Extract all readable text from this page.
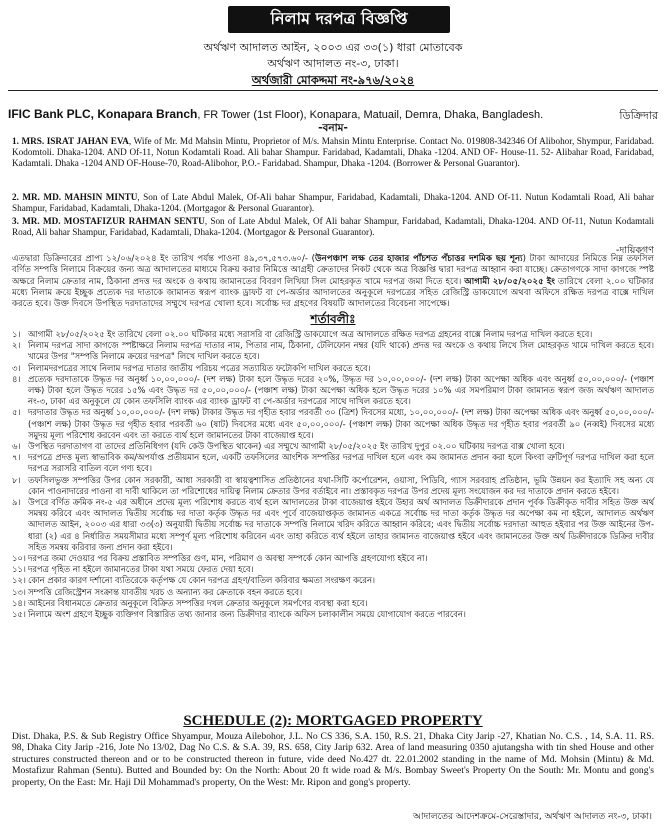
নিলাম দরপত্র বিজ্ঞপ্তি
অর্থঋণ আদালত আইন, ২০০৩ এর ৩৩(১) ধারা মোতাবেক
অর্থঋণ আদালত নং-৩, ঢাকা।
অর্থজারী মোকদ্দমা নং-৯৭৬/২০২৪
IFIC Bank PLC, Konapara Branch, FR Tower (1st Floor), Konapara, Matuail, Demra, Dhaka, Bangladesh.	ডিক্রিদার
-বনাম-
1. MRS. ISRAT JAHAN EVA, Wife of Mr. Md Mahsin Mintu, Proprietor of M/s. Mahsin Mintu Enterprise. Contact No. 019808-342346 Of Alibohor, Shympur, Faridabad. Kodomtoli. Dhaka-1204. AND Of-11, Notun Kodamtali Road. Ali bahar Shampur. Faridabad, Kadamtali, Dhaka -1204. AND OF- House-11. 52- Alibahar Road, Faridabad, Kadamtali. Dhaka -1204 AND OF-House-70, Road-Alibohor, P.O.- Faridabad. Shampur, Dhaka -1204. (Borrower & Personal Guarantor).
2. MR. MD. MAHSIN MINTU, Son of Late Abdul Malek, Of-Ali bahar Shampur, Faridabad, Kadamtali, Dhaka-1204. AND Of-11. Nutun Kodamtali Road, Ali bahar Shampur, Faridabad, Kadamtali, Dhaka-1204. (Mortgagor & Personal Guarantor).
3. MR. MD. MOSTAFIZUR RAHMAN SENTU, Son of Late Abdul Malek, Of Ali bahar Shampur, Faridabad, Kadamtali, Dhaka-1204. AND Of-11, Nutun Kodamtali Road, Ali bahar Shampur, Faridabad, Kadamtali, Dhaka-1204. (Mortgagor & Personal Guarantor).
-দায়িকগণ
এতদ্বারা ডিক্রিদারের প্রাপ্য ১২/০৬/২০২৪ ইং তারিখ পর্যন্ত পাওনা ৪৯,৩৭,৫৭৩.৬০/- (উনপঞ্চাশ লক্ষ তের হাজার পাঁচশত পঁচাত্তর দশমিক ছয় শূন্য) টাকা আদায়ের নিমিত্তে নিম্ন তফসিল বর্ণিত সম্পত্তি নিলামে বিক্রয়ের জন্য অত্র আদালতের মাধ্যমে বিক্রয় করার নিমিত্তে আগ্রহী ক্রেতাদের নিকট থেকে অত্র বিজ্ঞপ্তি দ্বারা দরপত্র আহ্বান করা যাচ্ছে। ক্রেতাগণকে সাদা কাগজে স্পষ্ট অক্ষরে নিলাম ক্রেতার নাম, ঠিকানা প্রদত্ত দর অংকে ও কথায় জামানতের বিবরণ লিখিয়া সিল মোহরকৃত খামে দরপত্র জমা দিতে হবে। আগামী ২৮/০৫/২০২৫ ইং তারিখে বেলা ২.০০ ঘটিকার মধ্যে নিলাম ক্রয়ে ইচ্ছুক প্রত্যেক দর দাতাকে জামানত স্বরূপ ব্যাংক ড্রাফট বা পে-অর্ডার আদালতের অনুকূলে দরপত্রের সহিত রেজিস্ট্রি ডাকযোগে অথবা অফিসে রক্ষিত দরপত্র বাক্সে দাখিল করতে হবে। উক্ত দিবসে উপস্থিত দরদাতাদের সম্মুখে দরপত্র খোলা হবে। সর্বোচ্চ দর গ্রহণের বিষয়টি আদালতের বিবেচনা সাপেক্ষে।
শর্তাবলীঃ
১। আগামী ২৮/০৫/২০২৫ ইং তারিখে বেলা ০২.০০ ঘটিকার মধ্যে সরাসরি বা রেজিস্ট্রি ডাকযোগে অত্র আদালতে রক্ষিত দরপত্র গ্রহনের বাক্সে নিলাম দরপত্র দাখিল করতে হবে।
২। নিলাম দরপত্র সাদা কাগজে স্পষ্টাক্ষরে নিলাম দরপত্র দাতার নাম, পিতার নাম, ঠিকানা, টেলিফোন নম্বর (যদি থাকে) প্রদত্ত দর অংকে ও কথায় লিখে সিল মোহরকৃত খামে দাখিল করতে হবে। খামের উপর "সম্পত্তি নিলামে ক্রয়ের দরপত্র" লিখে দাখিল করতে হবে।
৩। নিলামদরপত্রের সাথে নিলাম দরপত্র দাতার জাতীয় পরিচয় পত্রের সত্যায়িত ফটোকপি দাখিল করতে হবে।
৪। প্রত্যেক দরদাতাকে উদ্ধৃত দর অনুর্ধ্ব ১০,০০,০০০/- (দশ লক্ষ) টাকা হলে উদ্ধৃত দরের ২০%, উদ্ধৃত দর ১০,০০,০০০/- (দশ লক্ষ) টাকা অপেক্ষা অধিক এবং অনুর্ধ্ব ৫০,০০,০০০/- (পঞ্চাশ লক্ষ) টাকা হলে উদ্ধৃত দরের ১৫% এবং উদ্ধৃত দর ৫০,০০,০০০/- (পঞ্চাশ লক্ষ) টাকা অপেক্ষা অধিক হলে উদ্ধৃত দরের ১০% এর সমপরিমাণ টাকা জামানত স্বরূপ জজ অর্থঋণ আদালত নং-৩, ঢাকা এর অনুকূলে যে কোন তফসিলি ব্যাংক এর ব্যাংক ড্রাফট বা পে-অর্ডার দরপত্রের সাথে দাখিল করতে হবে।
৫। দরদাতার উদ্ধৃত দর অনুর্ধ্ব ১০,০০,০০০/- (দশ লক্ষ) টাকার উদ্ধৃত দর গৃহীত হবার পরবর্তী ৩০ (ত্রিশ) দিবসের মধ্যে, ১০,০০,০০০/- (দশ লক্ষ) টাকা অপেক্ষা অধিক এবং অনুর্ধ্ব ৫০,০০,০০০/- (পঞ্চাশ লক্ষ) টাকা উদ্ধৃত দর গৃহীত হবার পরবর্তী ৬০ (ষাট) দিবসের মধ্যে এবং ৫০,০০,০০০/- (পঞ্চাশ লক্ষ) টাকা অপেক্ষা অধিক উদ্ধৃত দর গৃহীত হবার পরবর্তী ৯০ (নব্বই) দিবসের মধ্যে সমুদয় মূল্য পরিশোধ করবেন এবং তা করতে ব্যর্থ হলে জামানতের টাকা বাজেয়াপ্ত হবে।
৬। উপস্থিত দরদাতাগণ বা তাদের প্রতিনিধিগণ (যদি কেউ উপস্থিত থাকেন) এর সম্মুখে আগামী ২৮/০৫/২০২৫ ইং তারিখ দুপুর ০২.০০ ঘটিকায় দরপত্র বাক্স খোলা হবে।
৭। দরপত্রে প্রদত্ত মূল্য স্বাভাবিক কম/অপর্যাপ্ত প্রতীয়মান হলে, একটি তফসিলের আংশিক সম্পত্তির দরপত্র দাখিল হলে এবং কম জামানত প্রদান করা হলে কিংবা ত্রুটিপূর্ণ দরপত্র দাখিল করা হলে দরপত্র সরাসরি বাতিল বলে গণ্য হবে।
৮। তফসিলভুক্ত সম্পত্তির উপর কোন সরকারী, আধা সরকারী বা স্বায়ত্বশাসিত প্রতিষ্ঠানের যথা-সিটি কর্পোরেশন, ওয়াসা, পিডিবি, গ্যাস সরবরাহ প্রতিষ্ঠান, ভূমি উন্নয়ন কর ইত্যাদি সহ অন্য যে কোন পাওনাদারের পাওনা বা দাবী থাকিলে তা পরিশোধের দায়িত্ব নিলাম ক্রেতার উপর বর্তাইবে না। প্রস্তাবকৃত দরপত্র উপর প্রদেয় মূল্য সংযোজন কর দর দাতাকে প্রদান করতে হইবে।
৯। উপরে বর্ণিত ক্রমিক নং-৫ এর অধীনে প্রদেয় মূল্য পরিশোধ করতে ব্যর্থ হলে আদালতের টাকা বাজেয়াপ্ত হইবে উহার অর্থ আদালত ডিক্রীদারকে প্রদান পূর্বক ডিক্রীকৃত দাবীর সহিত উক্ত অর্থ সমন্বয় করিবে এবং আদালত দ্বিতীয় সর্বোচ্চ দর দাতা কর্তৃক উদ্ধৃত দর এবং পূর্বে বাজেয়াপ্তকৃত জামানত একত্রে সর্বোচ্চ দর দাতা কর্তৃক উদ্ধৃত দর অপেক্ষা কম না হইলে, আদালত অর্থঋণ আদালত আইন, ২০০৩ এর ধারা ৩৩(৩) অনুযায়ী দ্বিতীয় সর্বোচ্চ দর দাতাকে সম্পত্তি নিলামে খরিদ করিতে আহ্বান করিবে; এবং দ্বিতীয় সর্বোচ্চ দরদাতা আহুত হইবার পর উক্ত আইনের উপ-ধারা (২) এর ৪ নির্ধারিত সময়সীমার মধ্যে সম্পূর্ণ মূল্য পরিশোধ করিবেন এবং তাহা করিতে ব্যর্থ হইলে তাহার জামানত বাজেয়াপ্ত হইবে এবং জামানতের উক্ত অর্থ ডিক্রীদারকে ডিক্রির দাবীর সহিত সমন্বয় করিবার জন্য প্রদান করা হইবে।
১০। দরপত্র জমা দেওয়ার পর বিক্রয় প্রস্তাবিত সম্পত্তির গুণ, মান, পরিমাণ ও অবস্থা সম্পর্কে কোন আপত্তি গ্রহণযোগ্য হইবে না।
১১। দরপত্র গৃহিত না হইলে জামানতের টাকা যথা সময়ে ফেরত দেয়া হবে।
১২। কোন প্রকার কারণ দর্শানো ব্যতিরেকে কর্তৃপক্ষ যে কোন দরপত্র গ্রহণ/বাতিল করিবার ক্ষমতা সংরক্ষণ করেন।
১৩। সম্পত্তি রেজিস্ট্রেশন সংক্রান্ত যাবতীয় খরচ ও অন্যান্য কর ক্রেতাকে বহন করতে হবে।
১৪। আইনের বিধানমতে ক্রেতার অনুকূলে বিক্রিত সম্পত্তির দখল ক্রেতার অনুকূলে সমর্পণের ব্যবস্থা করা হবে।
১৫। নিলামে অংশ গ্রহণে ইচ্ছুক ব্যক্তিগণ বিস্তারিত তথ্য জানার জন্য ডিক্রীদার ব্যাংকে অফিস চলাকালীন সময়ে যোগাযোগ করতে পারবেন।
SCHEDULE (2): MORTGAGED PROPERTY
Dist. Dhaka, P.S. & Sub Registry Office Shyampur, Mouza Ailebohor, J.L. No CS 336, S.A. 150, R.S. 21, Dhaka City Jarip -27, Khatian No. C.S. , 14, S.A. 11. RS. 98, Dhaka City Jarip -216, Jote No 13/02, Dag No C.S. & S.A. 39, RS. 658, City Jarip 632. Area of land measuring 0350 ajutangsha with tin shed House and other structures constructed thereon and or to be constructed thereon in future, vide deed No.427 dt. 22.01.2002 standing in the name of Md. Mohsin (Mintu) & Md. Mostafizur Rahman (Sentu). Butted and Bounded by: On the North: About 20 ft wide road & M/s. Bombay Sweet's Property On the South: Mr. Montu and gong's property, On the East: Mr. Haji Dil Mohammad's property, On the West: Mr. Ripon and gong's property.
আদালতের আদেশক্রমে-সেরেস্তাদার, অর্থঋণ আদালত নং-৩, ঢাকা।
